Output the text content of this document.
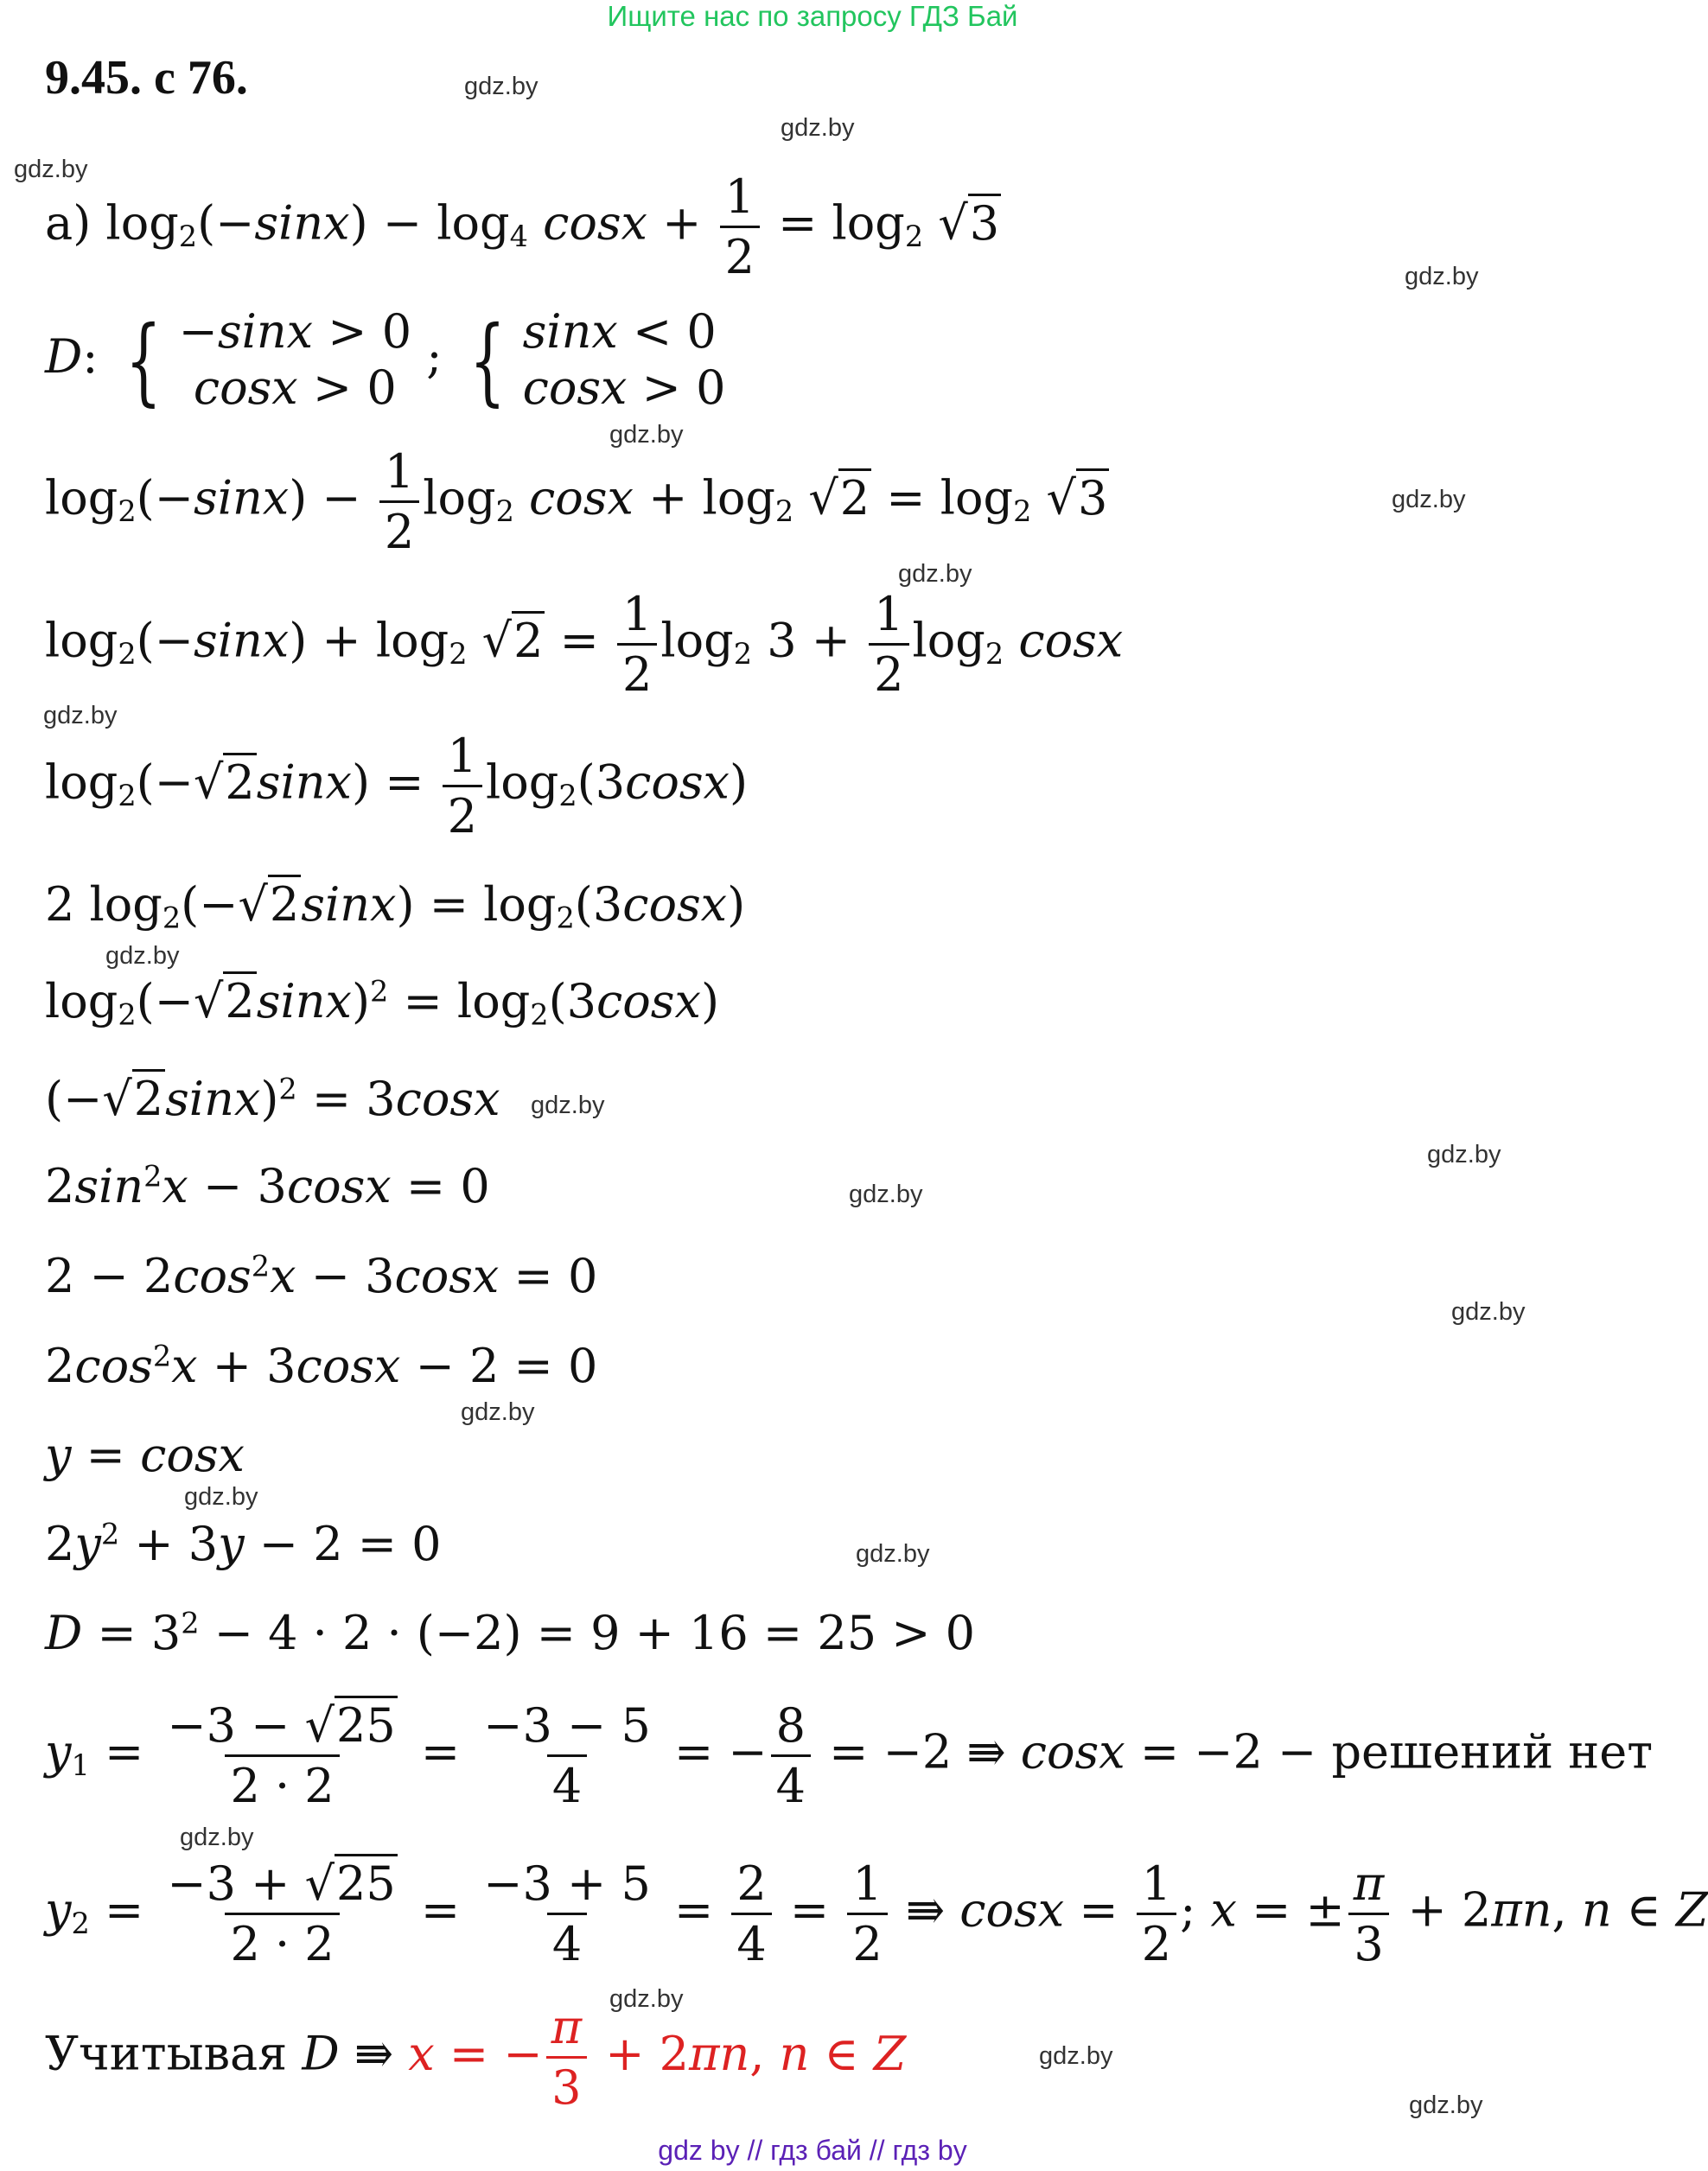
Ищите нас по запросу ГДЗ Бай
9.45. с 76.	gdz.by
gdz.by
gdz.by
gdz.by
gdz.by
gdz.by
gdz.by
gdz.by
gdz.by
gdz.by
gdz.by
gdz.by
gdz.by
gdz.by
gdz.by
gdz.by
gdz.by
gdz.by
gdz.by
gdz.by
а) $\log_2(-\sin x) - \log_4 \cos x + \frac{1}{2} = \log_2 √3$
D: { −sinx > 0
cosx > 0
; { sinx < 0
cosx > 0
$\log_2(-\sin x) - \frac{1}{2} \log_2 \cos x + \log_2 √2 = \log_2 √3$
$\log_2(-\sin x) + \log_2 √2 = \frac{1}{2} \log_2 3 + \frac{1}{2} \log_2 \cos x$
$\log_2(-√2\sin x) = \frac{1}{2} \log_2(3\cos x)$
2 $\log_2(-√2\sin x) = \log_2(3\cos x)$
$\log_2(-√2\sin x)^2 = \log_2(3\cos x)$
$(-√2\sin x)^2 = 3\cos x$
$2\sin^2x - 3\cos x = 0$
$2 - 2\cos^2x - 3\cos x = 0$
$2\cos^2x + 3\cos x - 2 = 0$
y = cosx
$2y^2 + 3y - 2 = 0$
$D = 3^2 - 4 \cdot 2 \cdot (-2) = 9 + 16 = 25 > 0$
$y_1 = \frac{-3 - √25}{2 \cdot 2} = \frac{-3 - 5}{4}$ = − $\frac{8}{4} = -2$ ⇛ cosx = −2 − решений нет
$y_2 = \frac{-3 + √25}{2 \cdot 2} = \frac{-3 + 5}{4} = \frac{2}{4} = \frac{1}{2}$ ⇛ $\cos x = \frac{1}{2}$ ; x = ± $\frac{\pi}{3} + 2\pi n$, n ∈ Z
Учитывая D ⇛ x = − $\frac{\pi}{3} + 2\pi n$, n ∈ Z
gdz by // гдз бай // гдз by
